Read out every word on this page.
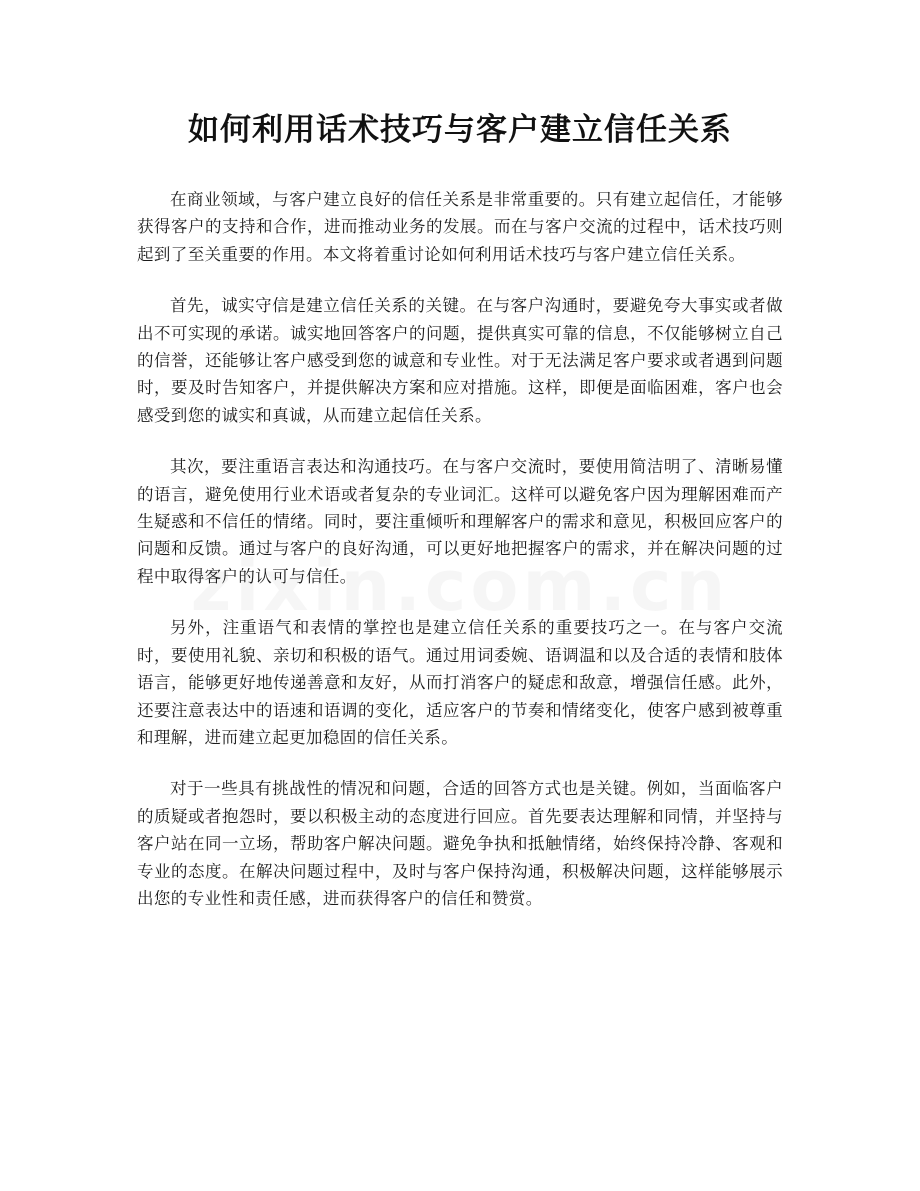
如何利用话术技巧与客户建立信任关系

在商业领域，与客户建立良好的信任关系是非常重要的。只有建立起信任，才能够获得客户的支持和合作，进而推动业务的发展。而在与客户交流的过程中，话术技巧则起到了至关重要的作用。本文将着重讨论如何利用话术技巧与客户建立信任关系。

首先，诚实守信是建立信任关系的关键。在与客户沟通时，要避免夸大事实或者做出不可实现的承诺。诚实地回答客户的问题，提供真实可靠的信息，不仅能够树立自己的信誉，还能够让客户感受到您的诚意和专业性。对于无法满足客户要求或者遇到问题时，要及时告知客户，并提供解决方案和应对措施。这样，即便是面临困难，客户也会感受到您的诚实和真诚，从而建立起信任关系。

其次，要注重语言表达和沟通技巧。在与客户交流时，要使用简洁明了、清晰易懂的语言，避免使用行业术语或者复杂的专业词汇。这样可以避免客户因为理解困难而产生疑惑和不信任的情绪。同时，要注重倾听和理解客户的需求和意见，积极回应客户的问题和反馈。通过与客户的良好沟通，可以更好地把握客户的需求，并在解决问题的过程中取得客户的认可与信任。

另外，注重语气和表情的掌控也是建立信任关系的重要技巧之一。在与客户交流时，要使用礼貌、亲切和积极的语气。通过用词委婉、语调温和以及合适的表情和肢体语言，能够更好地传递善意和友好，从而打消客户的疑虑和敌意，增强信任感。此外，还要注意表达中的语速和语调的变化，适应客户的节奏和情绪变化，使客户感到被尊重和理解，进而建立起更加稳固的信任关系。

对于一些具有挑战性的情况和问题，合适的回答方式也是关键。例如，当面临客户的质疑或者抱怨时，要以积极主动的态度进行回应。首先要表达理解和同情，并坚持与客户站在同一立场，帮助客户解决问题。避免争执和抵触情绪，始终保持冷静、客观和专业的态度。在解决问题过程中，及时与客户保持沟通，积极解决问题，这样能够展示出您的专业性和责任感，进而获得客户的信任和赞赏。
